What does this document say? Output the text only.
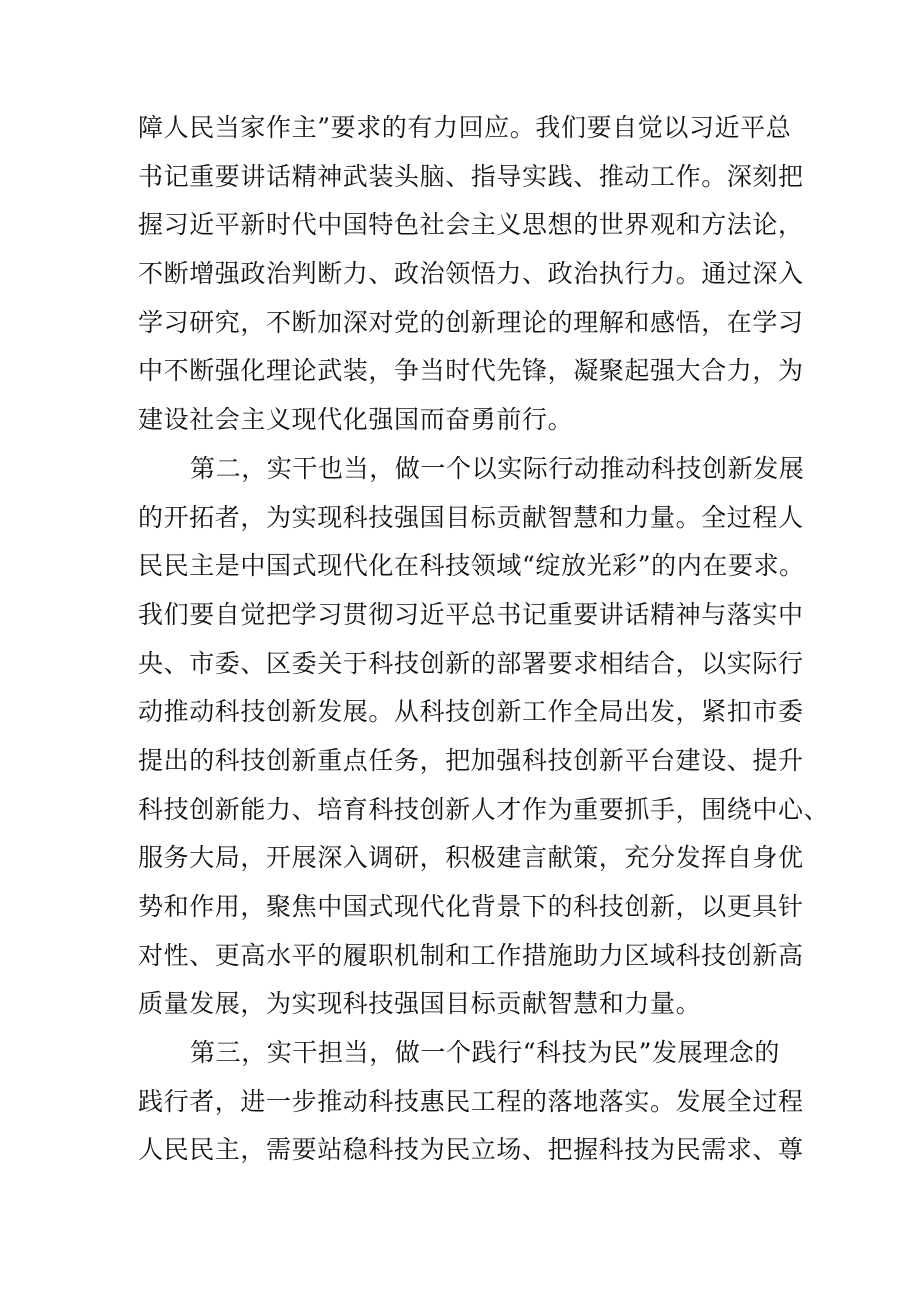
障人民当家作主”要求的有力回应。我们要自觉以习近平总
书记重要讲话精神武装头脑、指导实践、推动工作。深刻把
握习近平新时代中国特色社会主义思想的世界观和方法论，
不断增强政治判断力、政治领悟力、政治执行力。通过深入
学习研究，不断加深对党的创新理论的理解和感悟，在学习
中不断强化理论武装，争当时代先锋，凝聚起强大合力，为
建设社会主义现代化强国而奋勇前行。
第二，实干也当，做一个以实际行动推动科技创新发展
的开拓者，为实现科技强国目标贡献智慧和力量。全过程人
民民主是中国式现代化在科技领域“绽放光彩”的内在要求。
我们要自觉把学习贯彻习近平总书记重要讲话精神与落实中
央、市委、区委关于科技创新的部署要求相结合，以实际行
动推动科技创新发展。从科技创新工作全局出发，紧扣市委
提出的科技创新重点任务，把加强科技创新平台建设、提升
科技创新能力、培育科技创新人才作为重要抓手，围绕中心、
服务大局，开展深入调研，积极建言献策，充分发挥自身优
势和作用，聚焦中国式现代化背景下的科技创新，以更具针
对性、更高水平的履职机制和工作措施助力区域科技创新高
质量发展，为实现科技强国目标贡献智慧和力量。
第三，实干担当，做一个践行“科技为民”发展理念的
践行者，进一步推动科技惠民工程的落地落实。发展全过程
人民民主，需要站稳科技为民立场、把握科技为民需求、尊
